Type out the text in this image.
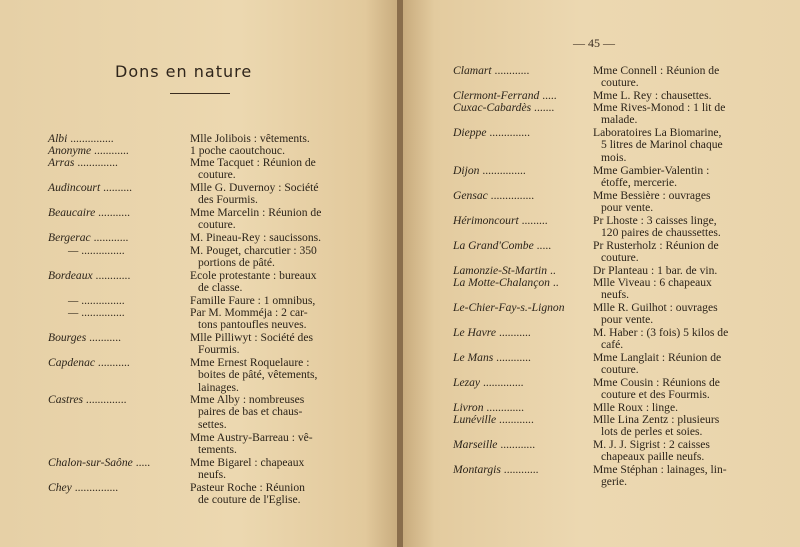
Dons en nature
Albi ...............	Mlle Jolibois : vêtements.
Anonyme ............	1 poche caoutchouc.
Arras ..............	Mme Tacquet : Réunion de
couture.
Audincourt ..........	Mlle G. Duvernoy : Société
des Fourmis.
Beaucaire ...........	Mme Marcelin : Réunion de
couture.
Bergerac ............	M. Pineau-Rey : saucissons.
— ...............	M. Pouget, charcutier : 350
portions de pâté.
Bordeaux ............	Ecole protestante : bureaux
de classe.
— ...............	Famille Faure : 1 omnibus,
— ...............	Par M. Momméja : 2 car-
tons pantoufles neuves.
Bourges ...........	Mlle Pilliwyt : Société des
Fourmis.
Capdenac ...........	Mme Ernest Roquelaure :
boites de pâté, vêtements,
lainages.
Castres ..............	Mme Alby : nombreuses
paires de bas et chaus-
settes.
Mme Austry-Barreau : vê-
tements.
Chalon-sur-Saône .....	Mme Bigarel : chapeaux
neufs.
Chey ...............	Pasteur Roche : Réunion
de couture de l'Eglise.
— 45 —
Clamart ............	Mme Connell : Réunion de
couture.
Clermont-Ferrand .....	Mme L. Rey : chausettes.
Cuxac-Cabardès .......	Mme Rives-Monod : 1 lit de
malade.
Dieppe ..............	Laboratoires La Biomarine,
5 litres de Marinol chaque
mois.
Dijon ...............	Mme Gambier-Valentin :
étoffe, mercerie.
Gensac ...............	Mme Bessière : ouvrages
pour vente.
Hérimoncourt .........	Pr Lhoste : 3 caisses linge,
120 paires de chaussettes.
La Grand'Combe .....	Pr Rusterholz : Réunion de
couture.
Lamonzie-St-Martin ..	Dr Planteau : 1 bar. de vin.
La Motte-Chalançon ..	Mlle Viveau : 6 chapeaux
neufs.
Le-Chier-Fay-s.-Lignon Mlle R. Guilhot : ouvrages
pour vente.
Le Havre ...........	M. Haber : (3 fois) 5 kilos de
café.
Le Mans ............	Mme Langlait : Réunion de
couture.
Lezay ..............	Mme Cousin : Réunions de
couture et des Fourmis.
Livron .............	Mlle Roux : linge.
Lunéville ............	Mlle Lina Zentz : plusieurs
lots de perles et soies.
Marseille ............	M. J. J. Sigrist : 2 caisses
chapeaux paille neufs.
Montargis ............	Mme Stéphan : lainages, lin-
gerie.
